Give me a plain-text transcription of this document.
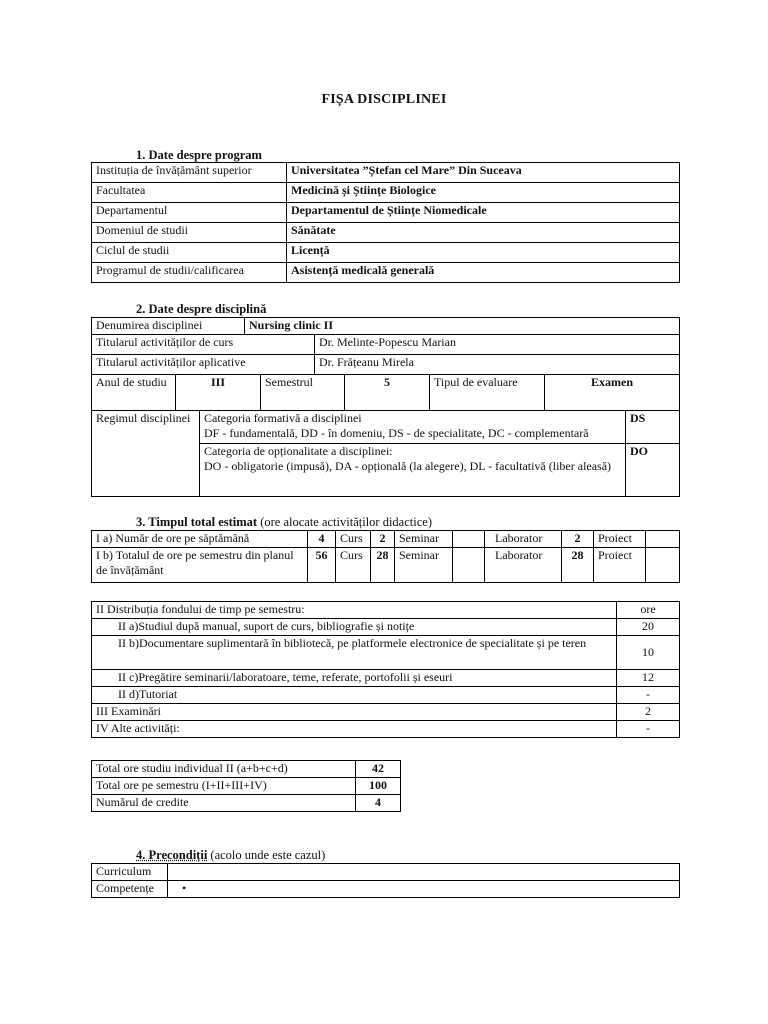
FIȘA DISCIPLINEI
1. Date despre program
Instituția de învățământ superior	Universitatea ”Ștefan cel Mare” Din Suceava
Facultatea	Medicină și Științe Biologice
Departamentul	Departamentul de Științe Niomedicale
Domeniul de studii	Sănătate
Ciclul de studii	Licență
Programul de studii/calificarea	Asistență medicală generală
2. Date despre disciplină
Denumirea disciplinei	Nursing clinic II
Titularul activităților de curs	Dr. Melinte-Popescu Marian
Titularul activităților aplicative	Dr. Frățeanu Mirela
Anul de studiu	III	Semestrul	5	Tipul de evaluare	Examen
Regimul disciplinei	Categoria formativă a disciplinei
DF - fundamentală, DD - în domeniu, DS - de specialitate, DC - complementară	DS

	Categoria de opționalitate a disciplinei:
DO - obligatorie (impusă), DA - opțională (la alegere), DL - facultativă (liber aleasă)	DO
3. Timpul total estimat (ore alocate activităților didactice)
I a) Număr de ore pe săptămână	4	Curs	2	Seminar		Laborator	2	Proiect	
I b) Totalul de ore pe semestru din planul de învățământ	56	Curs	28	Seminar		Laborator	28	Proiect	
II Distribuția fondului de timp pe semestru:	ore
II a)Studiul după manual, suport de curs, bibliografie și notițe	20
II b)Documentare suplimentară în bibliotecă, pe platformele electronice de specialitate și pe teren	10
II c)Pregătire seminarii/laboratoare, teme, referate, portofolii și eseuri	12
II d)Tutoriat	-
III Examinări	2
IV Alte activități:	-
Total ore studiu individual II (a+b+c+d)	42
Total ore pe semestru (I+II+III+IV)	100
Numărul de credite	4
4. Precondiții (acolo unde este cazul)
Curriculum	
Competențe	•
